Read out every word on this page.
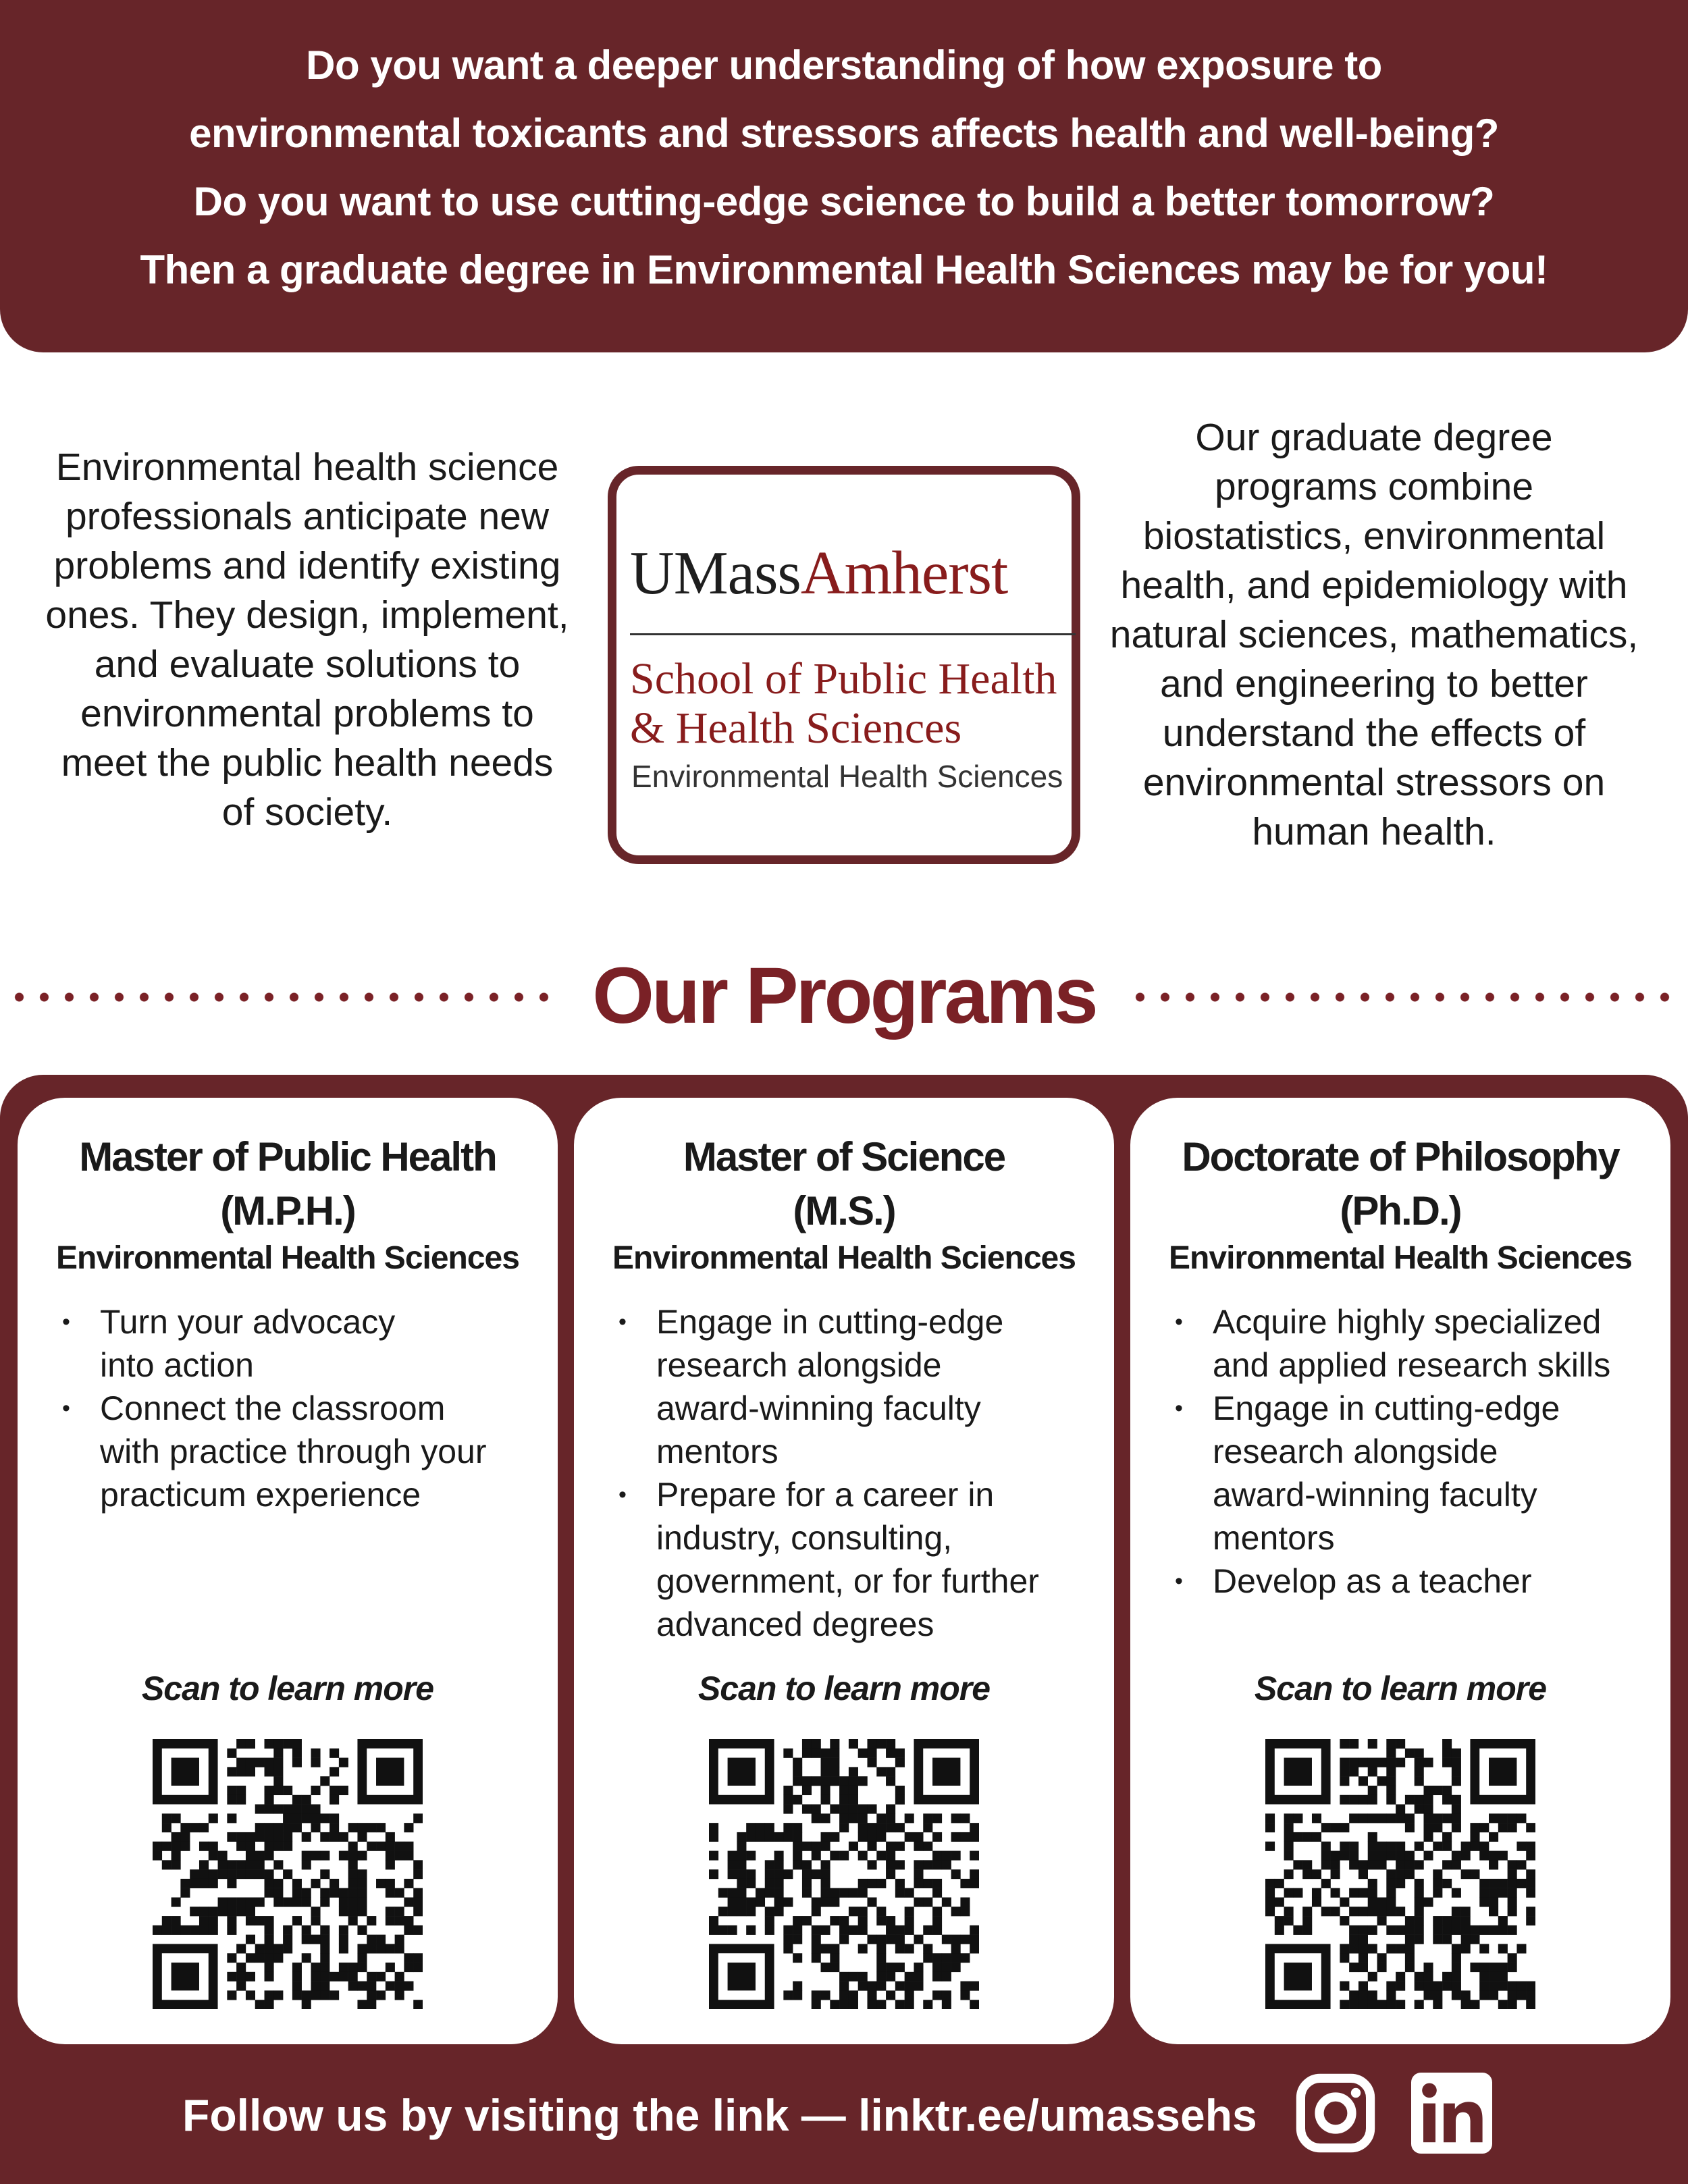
Do you want a deeper understanding of how exposure to
environmental toxicants and stressors affects health and well-being?
Do you want to use cutting-edge science to build a better tomorrow?
Then a graduate degree in Environmental Health Sciences may be for you!
Environmental health science
professionals anticipate new
problems and identify existing
ones. They design, implement,
and evaluate solutions to
environmental problems to
meet the public health needs
of society.
UMassAmherst
School of Public Health
& Health Sciences
Environmental Health Sciences
Our graduate degree
programs combine
biostatistics, environmental
health, and epidemiology with
natural sciences, mathematics,
and engineering to better
understand the effects of
environmental stressors on
human health.
Our Programs
Master of Public Health
(M.P.H.)
Environmental Health Sciences
• Turn your advocacy
into action
• Connect the classroom
with practice through your
practicum experience
Scan to learn more
Master of Science
(M.S.)
Environmental Health Sciences
• Engage in cutting-edge
research alongside
award-winning faculty
mentors
• Prepare for a career in
industry, consulting,
government, or for further
advanced degrees
Scan to learn more
Doctorate of Philosophy
(Ph.D.)
Environmental Health Sciences
• Acquire highly specialized
and applied research skills
• Engage in cutting-edge
research alongside
award-winning faculty
mentors
• Develop as a teacher
Scan to learn more
Follow us by visiting the link — linktr.ee/umassehs
